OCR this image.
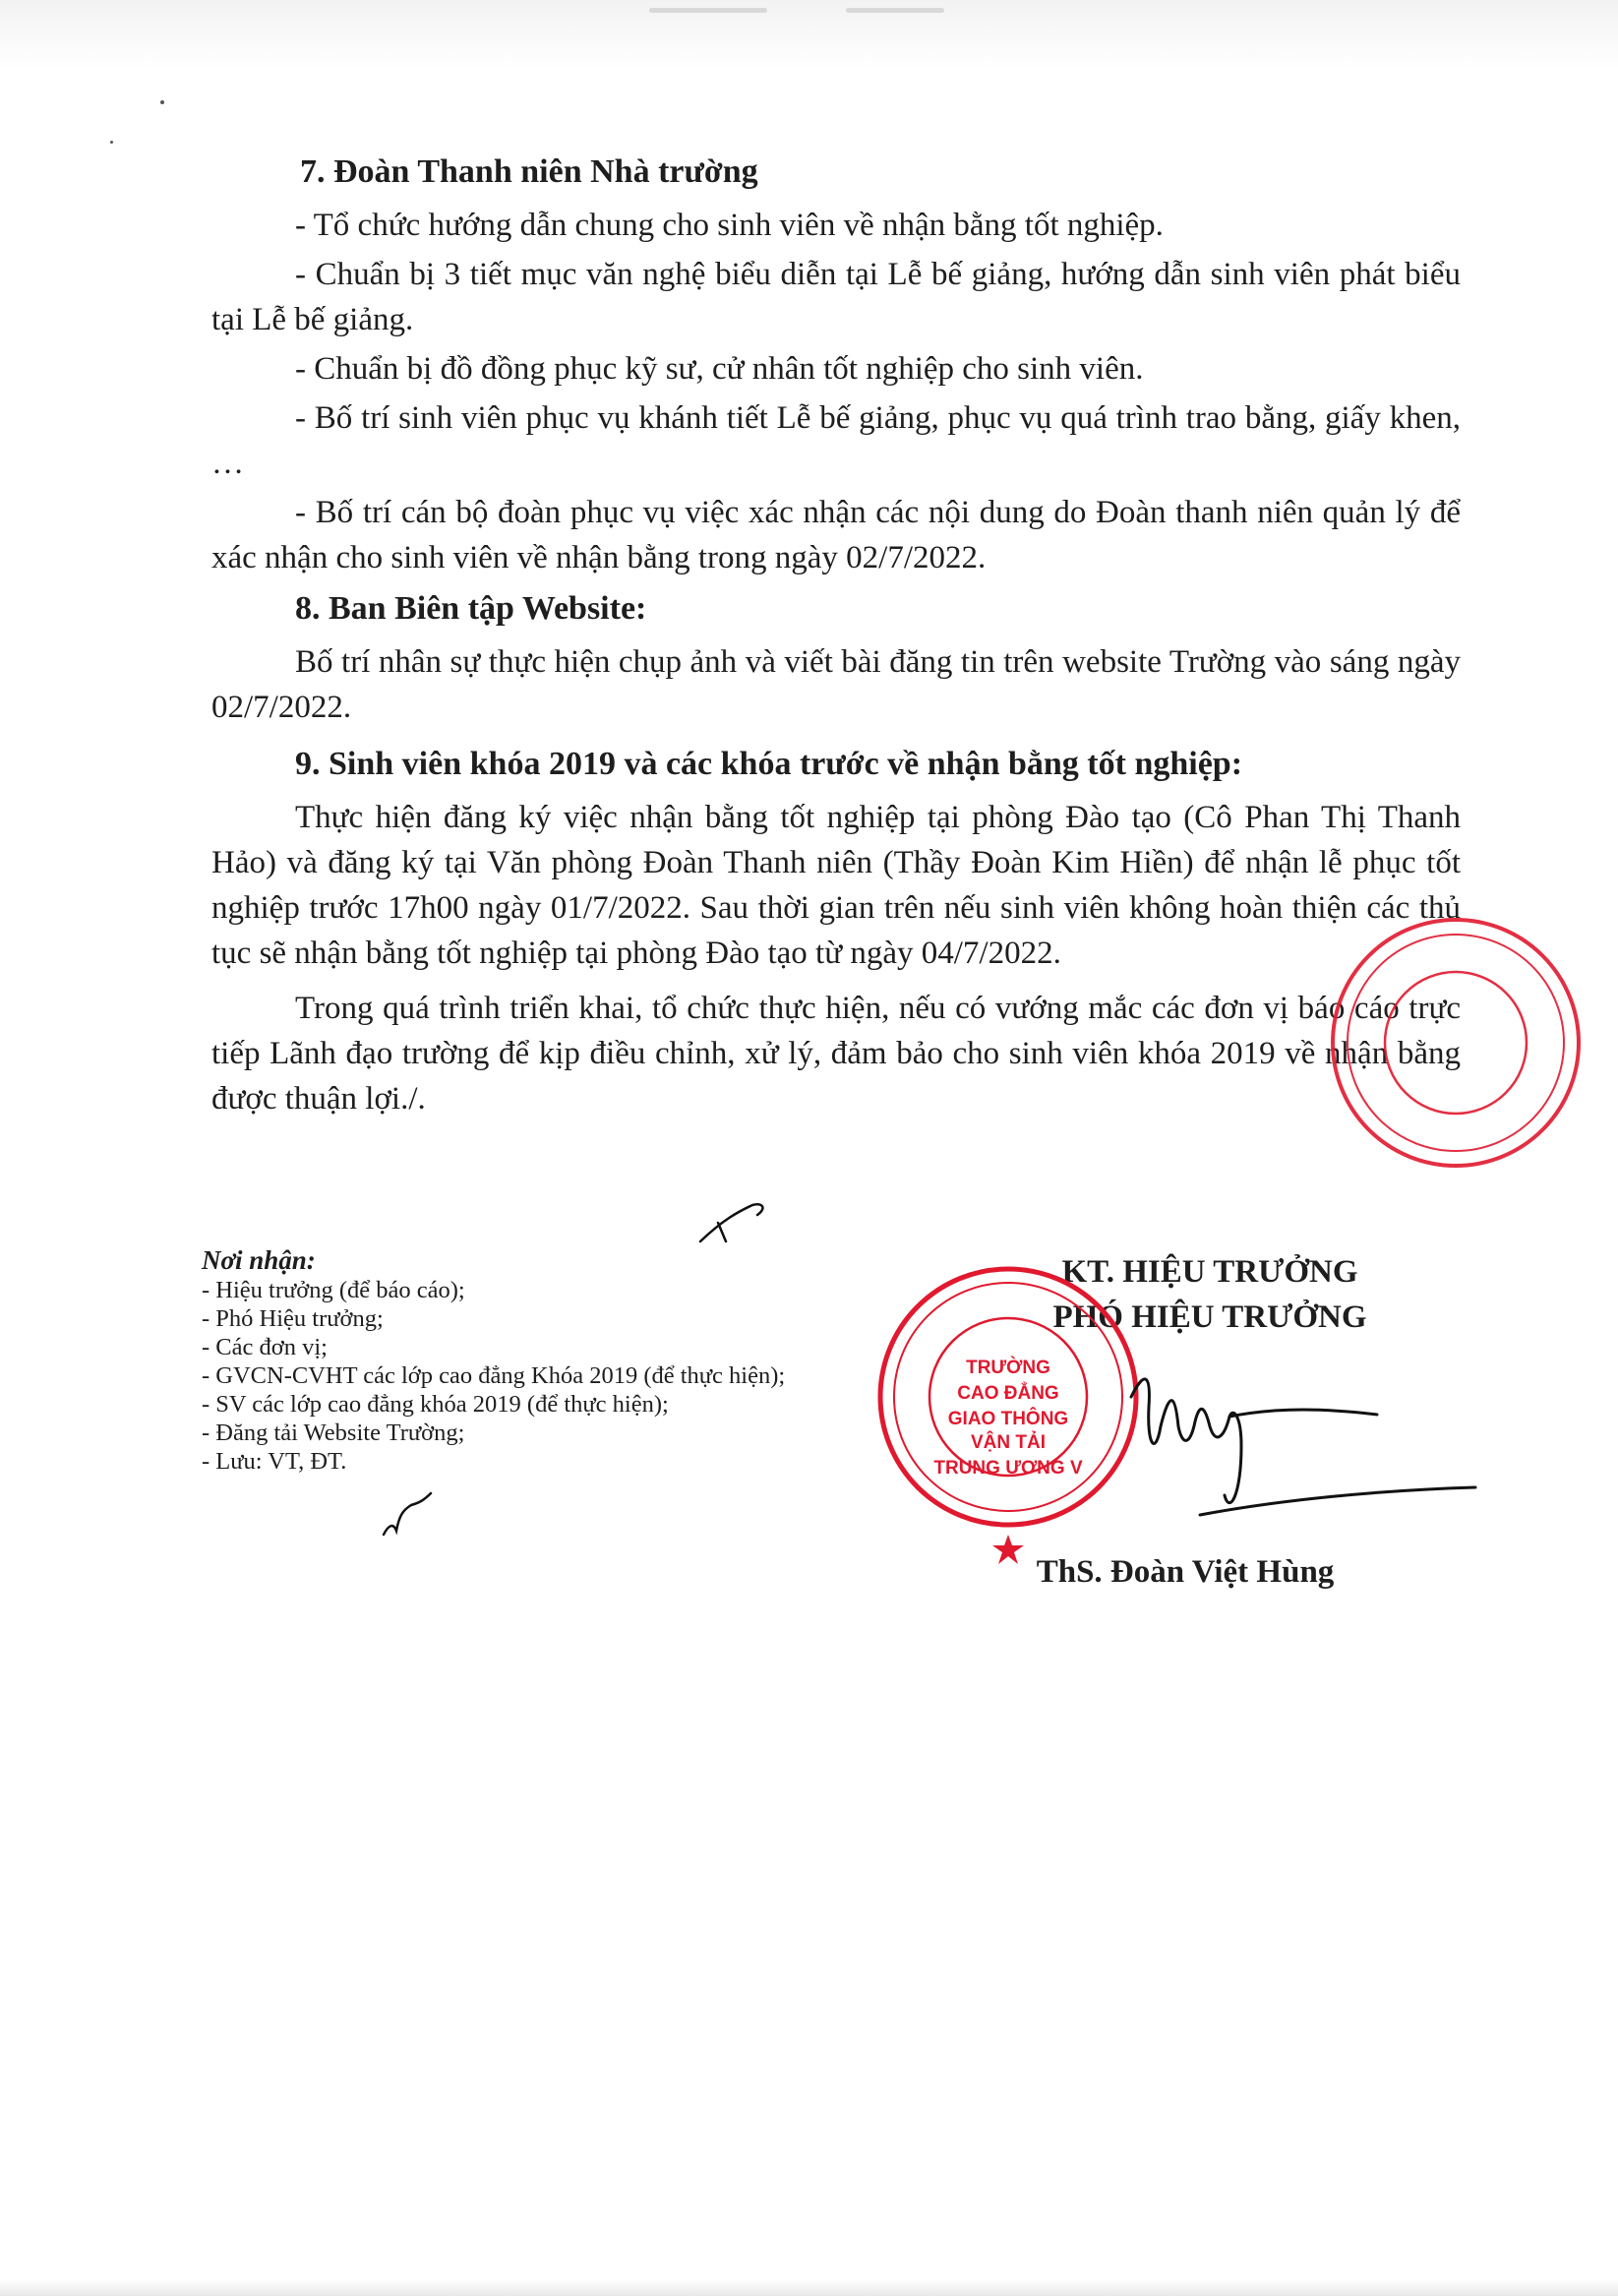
7. Đoàn Thanh niên Nhà trường

- Tổ chức hướng dẫn chung cho sinh viên về nhận bằng tốt nghiệp.

- Chuẩn bị 3 tiết mục văn nghệ biểu diễn tại Lễ bế giảng, hướng dẫn sinh viên phát biểu tại Lễ bế giảng.

- Chuẩn bị đồ đồng phục kỹ sư, cử nhân tốt nghiệp cho sinh viên.

- Bố trí sinh viên phục vụ khánh tiết Lễ bế giảng, phục vụ quá trình trao bằng, giấy khen, …

- Bố trí cán bộ đoàn phục vụ việc xác nhận các nội dung do Đoàn thanh niên quản lý để xác nhận cho sinh viên về nhận bằng trong ngày 02/7/2022.

8. Ban Biên tập Website:

Bố trí nhân sự thực hiện chụp ảnh và viết bài đăng tin trên website Trường vào sáng ngày 02/7/2022.

9. Sinh viên khóa 2019 và các khóa trước về nhận bằng tốt nghiệp:

Thực hiện đăng ký việc nhận bằng tốt nghiệp tại phòng Đào tạo (Cô Phan Thị Thanh Hảo) và đăng ký tại Văn phòng Đoàn Thanh niên (Thầy Đoàn Kim Hiền) để nhận lễ phục tốt nghiệp trước 17h00 ngày 01/7/2022. Sau thời gian trên nếu sinh viên không hoàn thiện các thủ tục sẽ nhận bằng tốt nghiệp tại phòng Đào tạo từ ngày 04/7/2022.

Trong quá trình triển khai, tổ chức thực hiện, nếu có vướng mắc các đơn vị báo cáo trực tiếp Lãnh đạo trường để kịp điều chỉnh, xử lý, đảm bảo cho sinh viên khóa 2019 về nhận bằng được thuận lợi./.

Nơi nhận:
- Hiệu trưởng (để báo cáo);
- Phó Hiệu trưởng;
- Các đơn vị;
- GVCN-CVHT các lớp cao đẳng Khóa 2019 (để thực hiện);
- SV các lớp cao đẳng khóa 2019 (để thực hiện);
- Đăng tải Website Trường;
- Lưu: VT, ĐT.
KT. HIỆU TRƯỞNG
PHÓ HIỆU TRƯỞNG
ThS. Đoàn Việt Hùng
TRƯỜNG
CAO ĐẲNG
GIAO THÔNG
VẬN TẢI
TRUNG ƯƠNG V
